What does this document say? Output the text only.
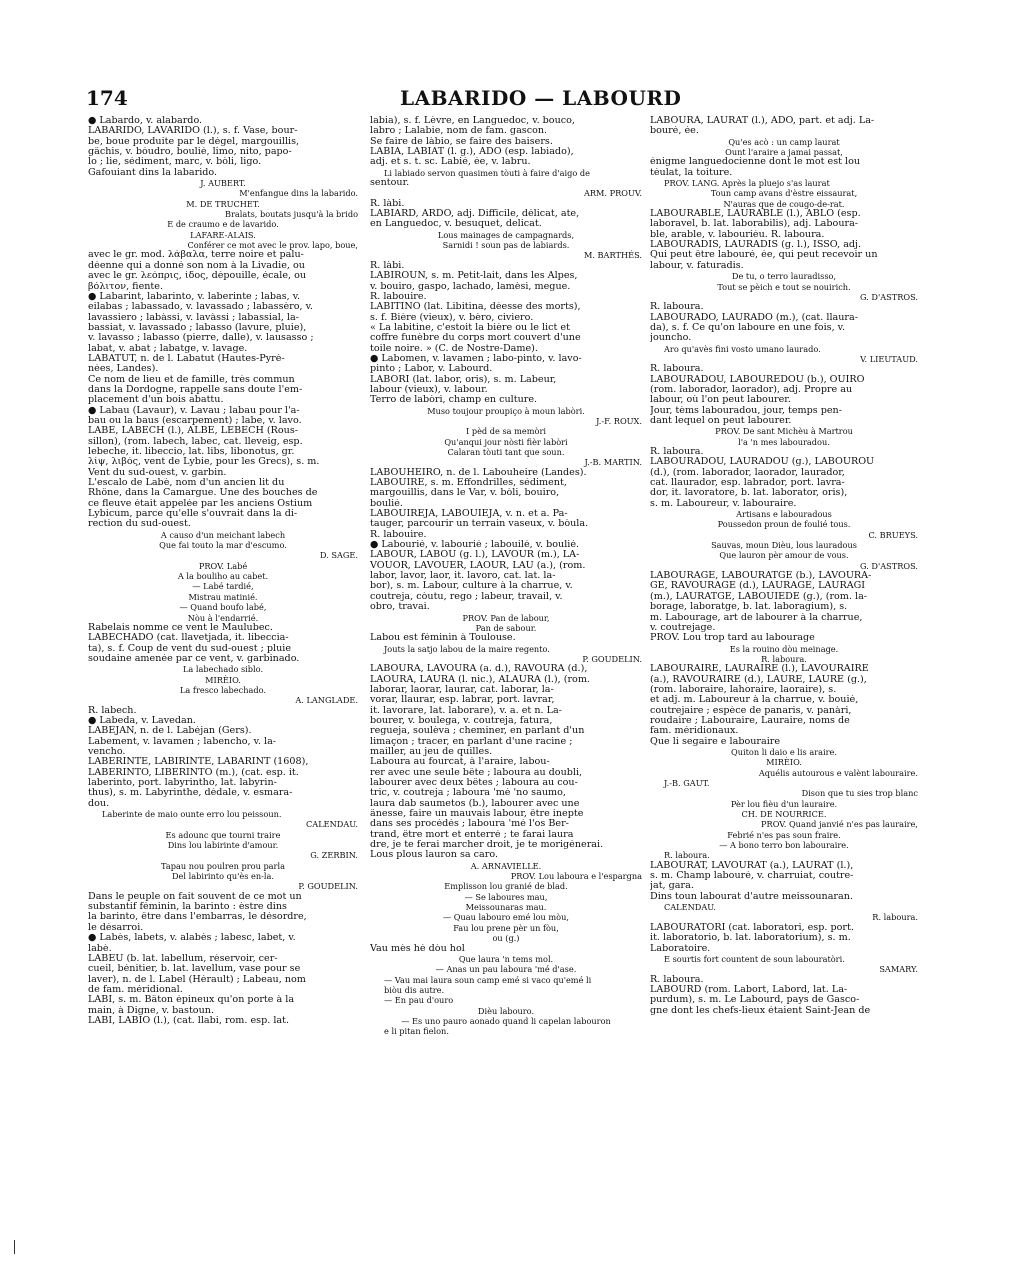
174	LABARIDO — LABOURD
● Labardo, v. alabardo.
LABARIDO, LAVARIDO (l.), s. f. Vase, bour-
be, boue produite par le dégel, margouillis,
gâchis, v. bóudro, boulié, limo, nito, papo-
lo ; lie, sédiment, marc, v. bòli, ligo.
Gafouiant dins la labarido.
J. AUBERT.
M'enfangue dins la labarido.
M. DE TRUCHET.
Bralats, boutats jusqu'à la brido
E de craumo e de lavarido.
LAFARE-ALAIS.
Conférer ce mot avec le prov. lapo, boue,
avec le gr. mod. λάβαλα, terre noire et palu-
déenne qui a donné son nom à la Livadie, ou
avec le gr. λεόπρις, ίδος, dépouille, écale, ou
βόλιτον, fiente.
● Labarint, labarinto, v. laberinte ; labas, v.
eilabas ; labassado, v. lavassado ; labassèro, v.
lavassiero ; labàssi, v. lavàssi ; labassial, la-
bassiat, v. lavassado ; labasso (lavure, pluie),
v. lavasso ; labasso (pierre, dalle), v. lausasso ;
labat, v. abat ; labatge, v. lavage.
LABATUT, n. de l. Labatut (Hautes-Pyré-
nées, Landes).
Ce nom de lieu et de famille, très commun
dans la Dordogne, rappelle sans doute l'em-
placement d'un bois abattu.
● Labau (Lavaur), v. Lavau ; labau pour l'a-
bau ou la baus (escarpement) ; labe, v. lavo.
LABÈ, LABECH (l.), ALBÈ, LEBECH (Rous-
sillon), (rom. labech, labec, cat. lleveig, esp.
lebeche, it. libeccio, lat. libs, libonotus, gr.
λίψ, λιβός, vent de Lybie, pour les Grecs), s. m.
Vent du sud-ouest, v. garbin.
L'escalo de Labè, nom d'un ancien lit du
Rhône, dans la Camargue. Une des bouches de
ce fleuve était appelée par les anciens Ostium
Lybicum, parce qu'elle s'ouvrait dans la di-
rection du sud-ouest.
A causo d'un meichant labech
Que fai touto la mar d'escumo.
D. SAGE.
PROV. Labé
A la bouliho au cabet.
— Labé tardié,
Mistrau matinié.
— Quand boufo labé,
Nòu à l'endarrié.
Rabelais nomme ce vent le Maulubec.
LABECHADO (cat. llavetjada, it. libeccia-
ta), s. f. Coup de vent du sud-ouest ; pluie
soudaine amenée par ce vent, v. garbinado.
La labechado siblo.
MIRÈIO.
La fresco labechado.
A. LANGLADE.
R. labech.
● Labeda, v. Lavedan.
LABEJAN, n. de l. Labéjan (Gers).
Labement, v. lavamen ; labencho, v. la-
vencho.
LABERINTE, LABIRINTE, LABARINT (1608),
LABERINTO, LIBERINTO (m.), (cat. esp. it.
laberinto, port. labyrintho, lat. labyrin-
thus), s. m. Labyrinthe, dédale, v. esmara-
dou.
Laberinte de maio ounte erro lou peissoun.
CALENDAU.
Es adounc que tourni traire
Dins lou labirinte d'amour.
G. ZERBIN.
Tapau nou poulren prou parla
Del labirinto qu'ès en-la.
P. GOUDELIN.
Dans le peuple on fait souvent de ce mot un
substantif féminin, la barinto : èstre dins
la barinto, être dans l'embarras, le désordre,
le désarroi.
● Labès, labets, v. alabès ; labesc, labet, v.
labè.
LABÈU (b. lat. labellum, réservoir, cer-
cueil, bénitier, b. lat. lavellum, vase pour se
laver), n. de l. Label (Hérault) ; Labeau, nom
de fam. méridional.
LÀBI, s. m. Bâton épineux qu'on porte à la
main, à Digne, v. bastoun.
LÀBI, LÀBIO (l.), (cat. llabi, rom. esp. lat.
labia), s. f. Lèvre, en Languedoc, v. bouco,
labro ; Lalabie, nom de fam. gascon.
Se faire de làbio, se faire des baisers.
LABIA, LABIAT (l. g.), ADO (esp. labiado),
adj. et s. t. sc. Labié, ée, v. labru.
Li labiado servon quasimen tòuti à faire d'aigo de
sentour.
ARM. PROUV.
R. làbi.
LABIARD, ARDO, adj. Difficile, délicat, ate,
en Languedoc, v. besuquet, delicat.
Lous mainages de campagnards,
Sarnidi ! soun pas de labiards.
M. BARTHÉS.
R. làbi.
LABIROUN, s. m. Petit-lait, dans les Alpes,
v. bouiro, gaspo, lachado, lamèsi, megue.
R. labouire.
LABITINO (lat. Libitina, déesse des morts),
s. f. Bière (vieux), v. bèro, civiero.
« La labitine, c'estoit la bière ou le lict et
coffre funèbre du corps mort couvert d'une
toile noire. » (C. de Nostre-Dame).
● Labomen, v. lavamen ; labo-pinto, v. lavo-
pinto ; Labor, v. Labourd.
LABÒRI (lat. labor, oris), s. m. Labeur,
labour (vieux), v. labour.
Terro de labòri, champ en culture.
Muso toujour proupiço à moun labòri.
J.-F. ROUX.
I pèd de sa memòri
Qu'anqui jour nòsti fièr labòri
Calaran tòuti tant que soun.
J.-B. MARTIN.
LABOUHÈIRO, n. de l. Labouheire (Landes).
LABOUIRE, s. m. Effondrilles, sédiment,
margouillis, dans le Var, v. bòli, bouiro,
boulié.
LABOUIREJA, LABOUIEJA, v. n. et a. Pa-
tauger, parcourir un terrain vaseux, v. bòula.
R. labouire.
● Labourié, v. labourié ; labouilé, v. boulié.
LABOUR, LABOU (g. l.), LAVOUR (m.), LA-
VOUOR, LAVOUER, LAOUR, LAU (a.), (rom.
labor, lavor, laor, it. lavoro, cat. lat. la-
bor), s. m. Labour, culture à la charrue, v.
coutreja, còutu, rego ; labeur, travail, v.
obro, travai.
PROV. Pan de labour,
Pan de sabour.
Labou est féminin à Toulouse.
Jouts la satjo labou de la maire regento.
P. GOUDELIN.
LABOURA, LAVOURA (a. d.), RAVOURA (d.),
LAOURA, LAURA (l. nic.), ALAURA (l.), (rom.
laborar, laorar, laurar, cat. laborar, la-
vorar, llaurar, esp. labrar, port. lavrar,
it. lavorare, lat. laborare), v. a. et n. La-
bourer, v. boulega, v. coutreja, fatura,
regueja, soulèva ; cheminer, en parlant d'un
limaçon ; tracer, en parlant d'une racine ;
mailler, au jeu de quilles.
Laboura au fourcat, à l'araire, labou-
rer avec une seule bête ; laboura au doubli,
labourer avec deux bêtes ; laboura au cou-
tric, v. coutreja ; laboura 'mé 'no saumo,
laura dab saumetos (b.), labourer avec une
ânesse, faire un mauvais labour, être inepte
dans ses procédés ; laboura 'mé l'os Ber-
trand, être mort et enterré ; te farai laura
dre, je te ferai marcher droit, je te morigénerai.
Lous plous lauron sa caro.
A. ARNAVIELLE.
PROV. Lou laboura e l'espargna
Emplisson lou granié de blad.
— Se laboures mau,
Meissounaras mau.
— Quau labouro emé lou mòu,
Fau lou prene pèr un fòu,
ou (g.)
Vau mès hé dòu hol
Que laura 'n tems mol.
— Anas un pau laboura 'mé d'ase.
— Vau mai laura soun camp emé si vaco qu'emé li
biòu dis autre.
— En pau d'ouro
Dièu labouro.
— Es uno pauro aonado quand li capelan labouron
e li pitan fielon.
LABOURA, LAURAT (l.), ADO, part. et adj. La-
bouré, ée.
Qu'es acò : un camp laurat
Ount l'araire a jamai passat,
énigme languedocienne dont le mot est lou
téulat, la toiture.
PROV. LANG. Après la pluejo s'as laurat
Toun camp avans d'èstre eissaurat,
N'auras que de cougo-de-rat.
LABOURABLE, LAURABLE (l.), ABLO (esp.
laboravel, b. lat. laborabilis), adj. Laboura-
ble, arable, v. labouriéu. R. laboura.
LABOURADIS, LAURADIS (g. l.), ISSO, adj.
Qui peut être labouré, ée, qui peut recevoir un
labour, v. faturadis.
De tu, o terro lauradisso,
Tout se pèich e tout se nouirich.
G. D'ASTROS.
R. laboura.
LABOURADO, LAURADO (m.), (cat. llaura-
da), s. f. Ce qu'on laboure en une fois, v.
jouncho.
Aro qu'avès fini vosto umano laurado.
V. LIEUTAUD.
R. laboura.
LABOURADOU, LABOUREDOU (b.), OUIRO
(rom. laborador, laorador), adj. Propre au
labour, où l'on peut labourer.
Jour, tèms labouradou, jour, temps pen-
dant lequel on peut labourer.
PROV. De sant Michèu à Martrou
l'a 'n mes labouradou.
R. laboura.
LABOURADOU, LAURADOU (g.), LABOUROU
(d.), (rom. laborador, laorador, laurador,
cat. llaurador, esp. labrador, port. lavra-
dor, it. lavoratore, b. lat. laborator, oris),
s. m. Laboureur, v. labouraire.
Artisans e labouradous
Poussedon proun de foulié tous.
C. BRUEYS.
Sauvas, moun Dièu, lous lauradous
Que lauron pèr amour de vous.
G. D'ASTROS.
LABOURAGE, LABOURATGE (b.), LAVOURA-
GE, RAVOURAGE (d.), LAURAGE, LAURAGI
(m.), LAURATGE, LABOUIEDÈ (g.), (rom. la-
borage, laboratge, b. lat. laboragium), s.
m. Labourage, art de labourer à la charrue,
v. coutrejage.
PROV. Lou trop tard au labourage
Es la rouino dòu meinage.
R. laboura.
LABOURAIRE, LAURAIRE (l.), LAVOURAIRE
(a.), RAVOURAIRE (d.), LAURÈ, LAURÈ (g.),
(rom. laboraire, lahoraire, laoraire), s.
et adj. m. Laboureur à la charrue, v. bouié,
coutrejaire ; espèce de panaris, v. panàri,
roudaire ; Labouraire, Lauraire, noms de
fam. méridionaux.
Que li segaire e labouraire
Quiton li daio e lis araire.
MIRÈIO.
Aquélis autourous e valènt labouraire.
J.-B. GAUT.
Dison que tu sies trop blanc
Pèr lou fièu d'un lauraire.
CH. DE NOURRICE.
PROV. Quand janvié n'es pas lauraire,
Febrié n'es pas soun fraire.
— A bono terro bon labouraire.
R. laboura.
LABOURAT, LAVOURAT (a.), LAURAT (l.),
s. m. Champ labouré, v. charruiat, coutre-
jat, gara.
Dins toun labourat d'autre meissounaran.
CALENDAU.
R. laboura.
LABOURATÒRI (cat. laboratori, esp. port.
it. laboratorio, b. lat. laboratorium), s. m.
Laboratoire.
E sourtis fort countent de soun labouratòri.
SAMARY.
R. laboura.
LABOURD (rom. Labort, Labord, lat. La-
purdum), s. m. Le Labourd, pays de Gasco-
gne dont les chefs-lieux étaient Saint-Jean de
